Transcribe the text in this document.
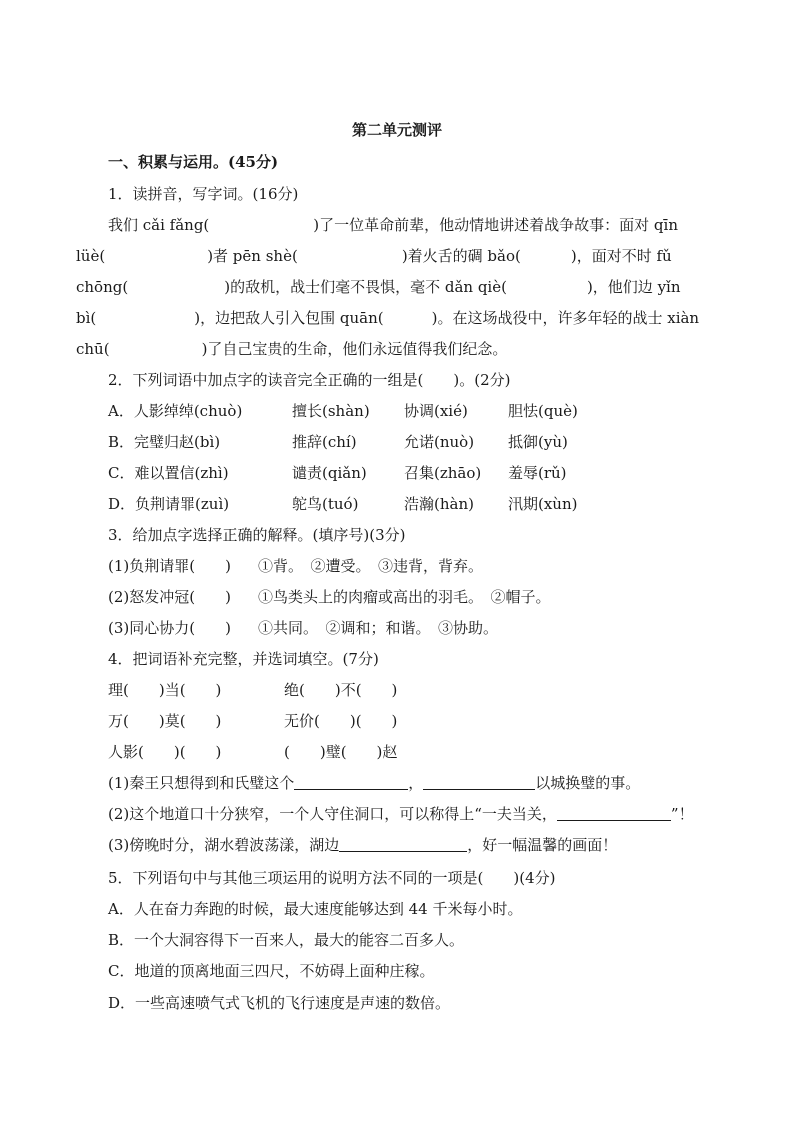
第二单元测评
一、积累与运用。(45分)
1．读拼音，写字词。(16分)
我们 cǎi fǎng(	)了一位革命前辈，他动情地讲述着战争故事：面对 qīn
lüè(	)者 pēn shè(	)着火舌的碉 bǎo(	)，面对不时 fǔ
chōng(	)的敌机，战士们毫不畏惧，毫不 dǎn qiè(	)，他们边 yǐn
bì(	)，边把敌人引入包围 quān(	)。在这场战役中，许多年轻的战士 xiàn
chū(	)了自己宝贵的生命，他们永远值得我们纪念。
2．下列词语中加点字的读音完全正确的一组是(　　)。(2分)
A．人影绰绰(chuò)	擅长(shàn) 协调(xié)	胆怯(què)
B．完璧归赵(bì)	推辞(chí)	允诺(nuò) 抵御(yù)
C．难以置信(zhì)	谴责(qiǎn) 召集(zhāo) 羞辱(rǔ)
D．负荆请罪(zuì)	鸵鸟(tuó)	浩瀚(hàn) 汛期(xùn)
3．给加点字选择正确的解释。(填序号)(3分)
(1)负荆请罪(　　) ①背。　②遭受。　③违背，背弃。
(2)怒发冲冠(　　) ①鸟类头上的肉瘤或高出的羽毛。　②帽子。
(3)同心协力(　　) ①共同。　②调和；和谐。　③协助。
4．把词语补充完整，并选词填空。(7分)
理(　　)当(　　)	绝(　　)不(　　)
万(　　)莫(　　)	无价(　　)(　　)
人影(　　)(　　)	(　　)璧(　　)赵
(1)秦王只想得到和氏璧这个	，	以城换璧的事。
(2)这个地道口十分狭窄，一个人守住洞口，可以称得上“一夫当关，	”！
(3)傍晚时分，湖水碧波荡漾，湖边	，好一幅温馨的画面！
5．下列语句中与其他三项运用的说明方法不同的一项是(　　)(4分)
A．人在奋力奔跑的时候，最大速度能够达到 44 千米每小时。
B．一个大洞容得下一百来人，最大的能容二百多人。
C．地道的顶离地面三四尺，不妨碍上面种庄稼。
D．一些高速喷气式飞机的飞行速度是声速的数倍。
